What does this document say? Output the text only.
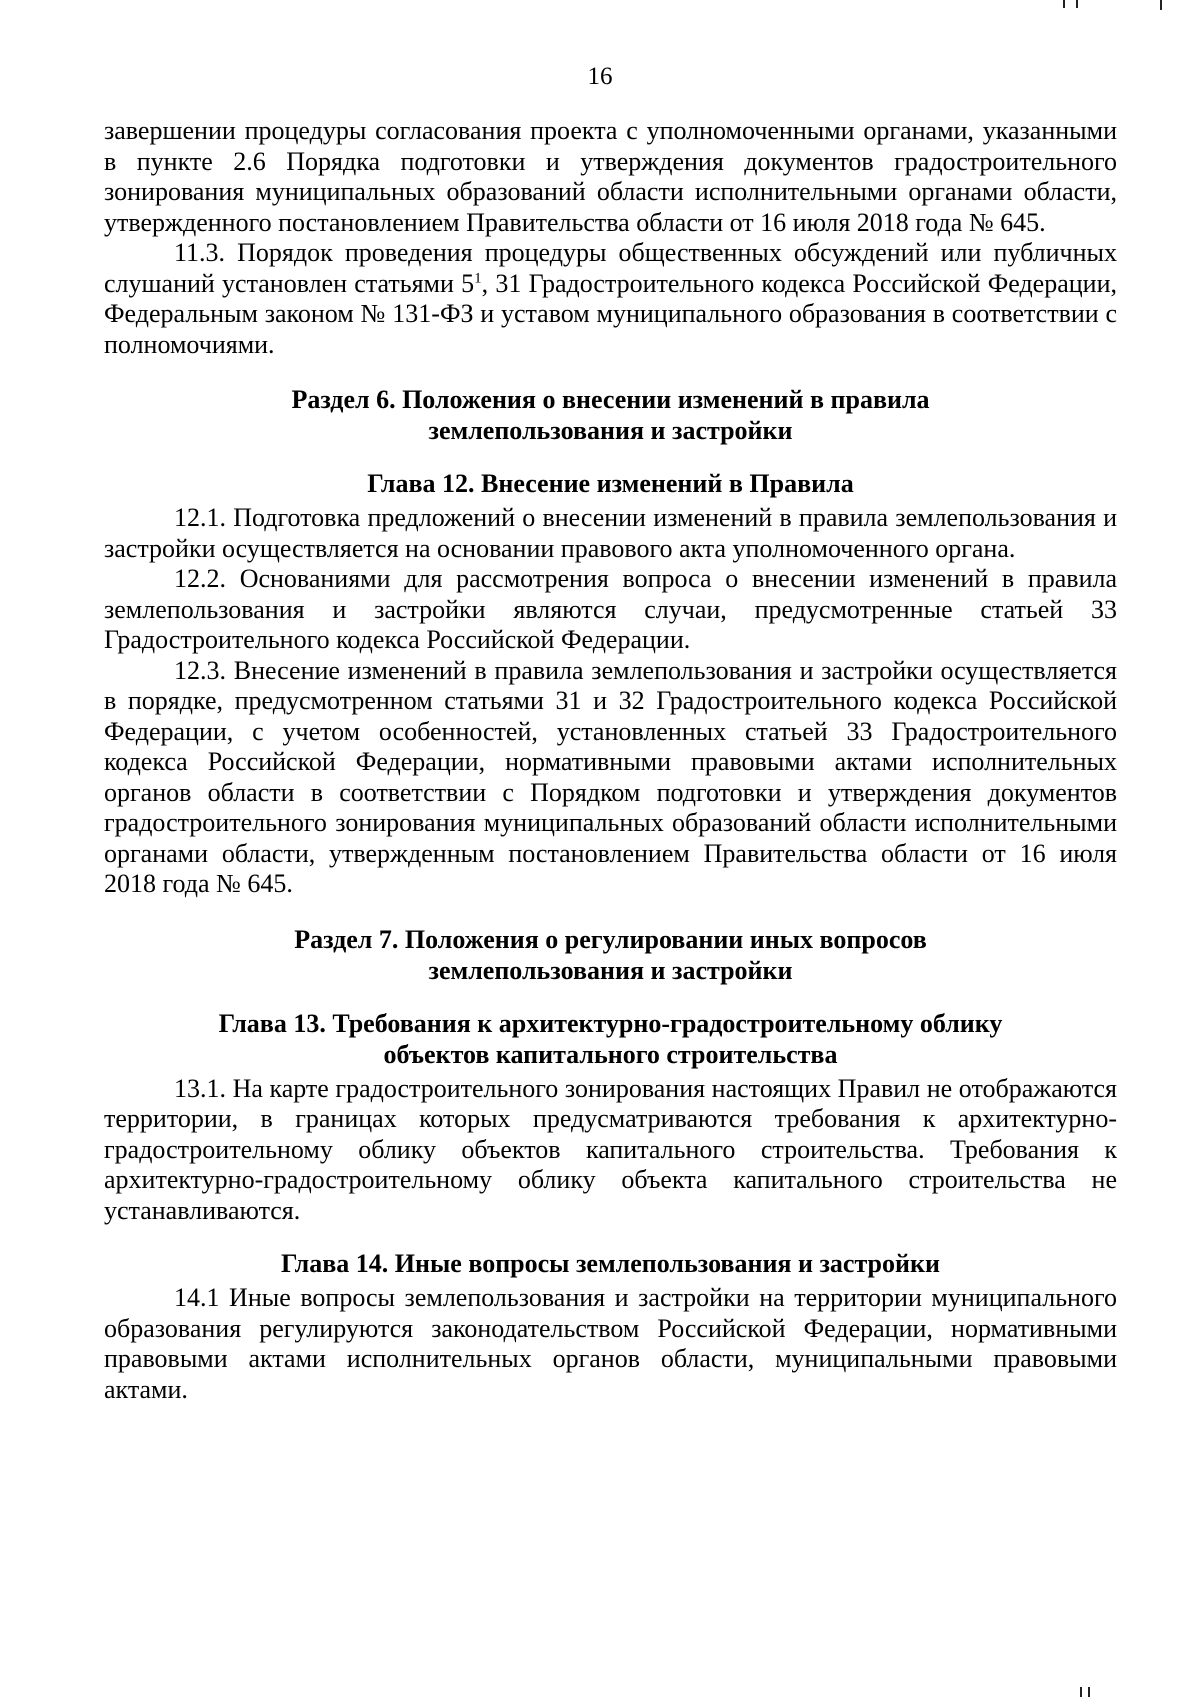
16

завершении процедуры согласования проекта с уполномоченными органами, указанными в пункте 2.6 Порядка подготовки и утверждения документов градостроительного зонирования муниципальных образований области исполнительными органами области, утвержденного постановлением Правительства области от 16 июля 2018 года № 645.

11.3. Порядок проведения процедуры общественных обсуждений или публичных слушаний установлен статьями $5^1$, 31 Градостроительного кодекса Российской Федерации, Федеральным законом № 131-ФЗ и уставом муниципального образования в соответствии с полномочиями.

Раздел 6. Положения о внесении изменений в правила
землепользования и застройки
Глава 12. Внесение изменений в Правила

12.1. Подготовка предложений о внесении изменений в правила землепользования и застройки осуществляется на основании правового акта уполномоченного органа.

12.2. Основаниями для рассмотрения вопроса о внесении изменений в правила землепользования и застройки являются случаи, предусмотренные статьей 33 Градостроительного кодекса Российской Федерации.

12.3. Внесение изменений в правила землепользования и застройки осуществляется в порядке, предусмотренном статьями 31 и 32 Градостроительного кодекса Российской Федерации, с учетом особенностей, установленных статьей 33 Градостроительного кодекса Российской Федерации, нормативными правовыми актами исполнительных органов области в соответствии с Порядком подготовки и утверждения документов градостроительного зонирования муниципальных образований области исполнительными органами области, утвержденным постановлением Правительства области от 16 июля 2018 года № 645.

Раздел 7. Положения о регулировании иных вопросов
землепользования и застройки
Глава 13. Требования к архитектурно-градостроительному облику
объектов капитального строительства

13.1. На карте градостроительного зонирования настоящих Правил не отображаются территории, в границах которых предусматриваются требования к архитектурно-градостроительному облику объектов капитального строительства. Требования к архитектурно-градостроительному облику объекта капитального строительства не устанавливаются.

Глава 14. Иные вопросы землепользования и застройки

14.1 Иные вопросы землепользования и застройки на территории муниципального образования регулируются законодательством Российской Федерации, нормативными правовыми актами исполнительных органов области, муниципальными правовыми актами.
